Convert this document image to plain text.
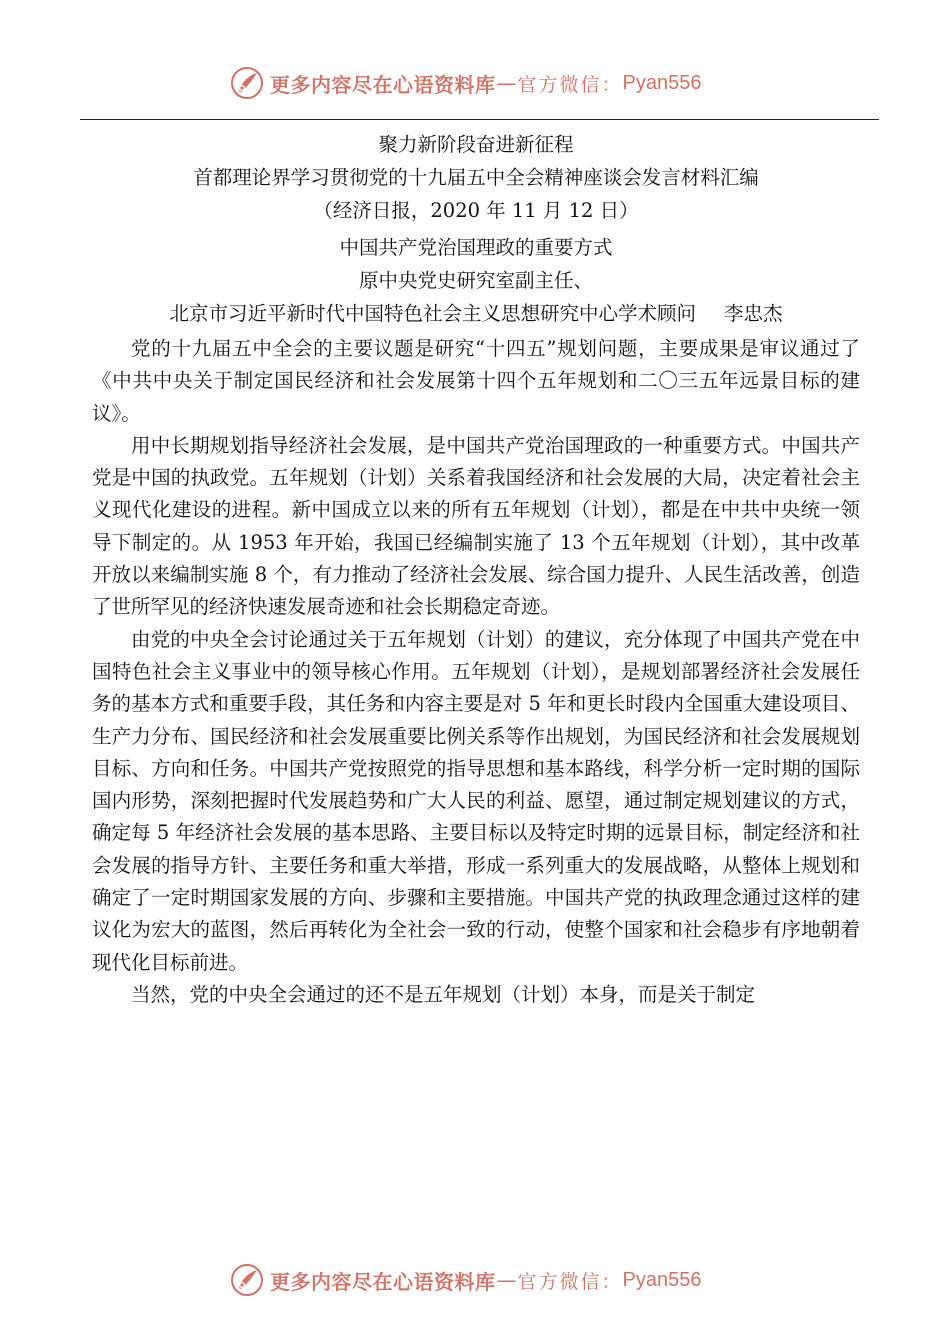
更多内容尽在心语资料库 — 官方微信： Pyan556
聚力新阶段奋进新征程
首都理论界学习贯彻党的十九届五中全会精神座谈会发言材料汇编
（经济日报，2020 年 11 月 12 日）
中国共产党治国理政的重要方式
原中央党史研究室副主任、
北京市习近平新时代中国特色社会主义思想研究中心学术顾问 李忠杰

党的十九届五中全会的主要议题是研究“十四五”规划问题，主要成果是审议通过了《中共中央关于制定国民经济和社会发展第十四个五年规划和二〇三五年远景目标的建议》。

用中长期规划指导经济社会发展，是中国共产党治国理政的一种重要方式。中国共产党是中国的执政党。五年规划（计划）关系着我国经济和社会发展的大局，决定着社会主义现代化建设的进程。新中国成立以来的所有五年规划（计划），都是在中共中央统一领导下制定的。从 1953 年开始，我国已经编制实施了 13 个五年规划（计划），其中改革开放以来编制实施 8 个，有力推动了经济社会发展、综合国力提升、人民生活改善，创造了世所罕见的经济快速发展奇迹和社会长期稳定奇迹。

由党的中央全会讨论通过关于五年规划（计划）的建议，充分体现了中国共产党在中国特色社会主义事业中的领导核心作用。五年规划（计划），是规划部署经济社会发展任务的基本方式和重要手段，其任务和内容主要是对 5 年和更长时段内全国重大建设项目、生产力分布、国民经济和社会发展重要比例关系等作出规划，为国民经济和社会发展规划目标、方向和任务。中国共产党按照党的指导思想和基本路线，科学分析一定时期的国际国内形势，深刻把握时代发展趋势和广大人民的利益、愿望，通过制定规划建议的方式，确定每 5 年经济社会发展的基本思路、主要目标以及特定时期的远景目标，制定经济和社会发展的指导方针、主要任务和重大举措，形成一系列重大的发展战略，从整体上规划和确定了一定时期国家发展的方向、步骤和主要措施。中国共产党的执政理念通过这样的建议化为宏大的蓝图，然后再转化为全社会一致的行动，使整个国家和社会稳步有序地朝着现代化目标前进。

当然，党的中央全会通过的还不是五年规划（计划）本身，而是关于制定

更多内容尽在心语资料库 — 官方微信： Pyan556
